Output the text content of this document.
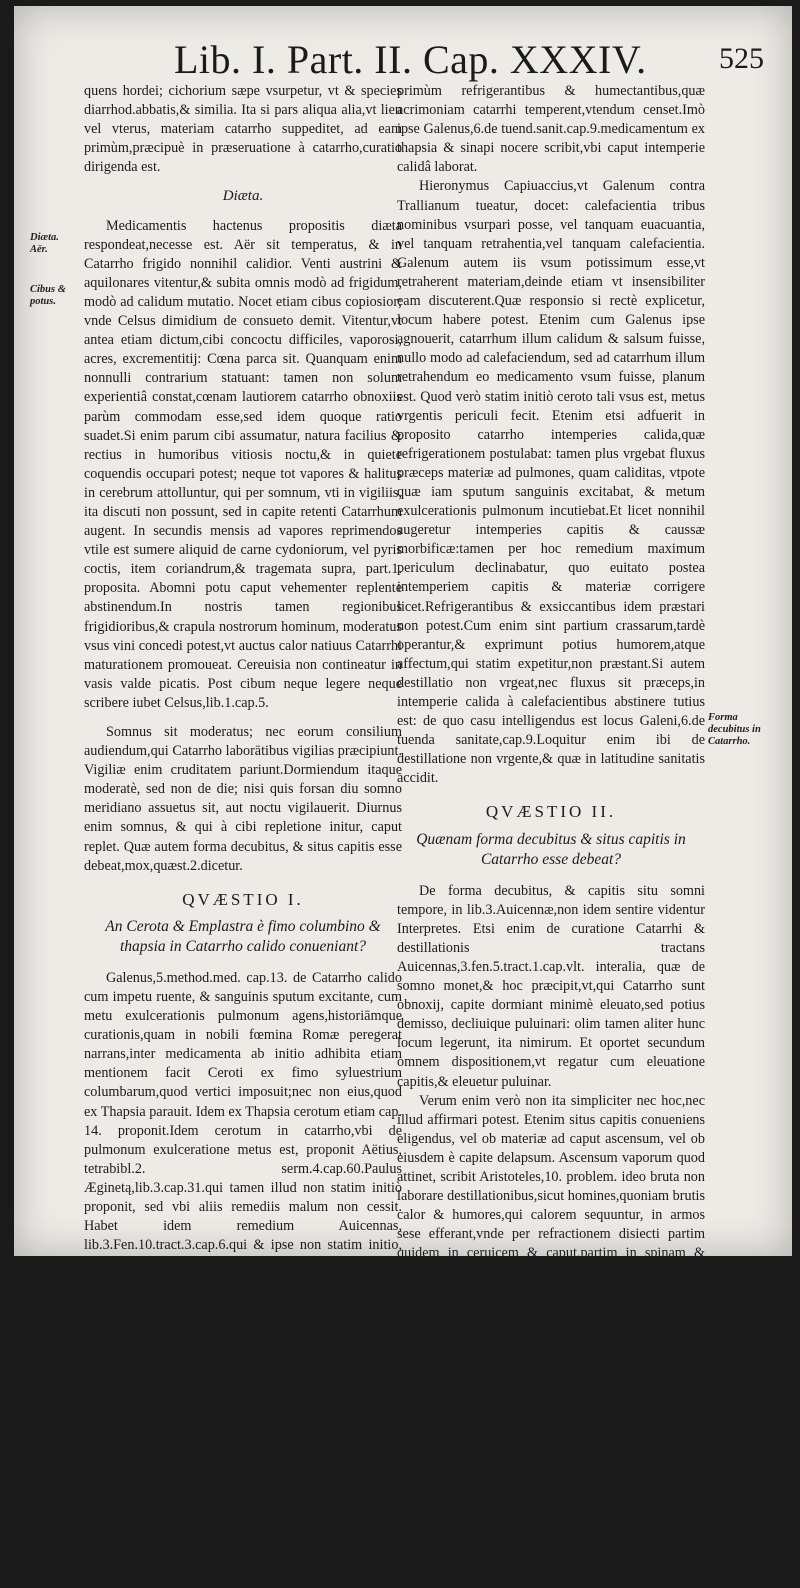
Lib. I. Part. II. Cap. XXXIV. 525
Diæta. Aër.
Cibus & potus.
Forma decubitus in Catarrho.

quens hordei; cichorium sæpe vsurpetur, vt & species diarrhod.abbatis,& similia. Ita si pars aliqua alia,vt lien vel vterus, materiam catarrho suppeditet, ad eam primùm,præcipuè in præseruatione à catarrho,curatio dirigenda est.

Diæta.

Medicamentis hactenus propositis diæta respondeat,necesse est. Aër sit temperatus, & in Catarrho frigido nonnihil calidior. Venti austrini & aquilonares vitentur,& subita omnis modò ad frigidum, modò ad calidum mutatio. Nocet etiam cibus copiosior; vnde Celsus dimidium de consueto demit. Vitentur,vt antea etiam dictum,cibi concoctu difficiles, vaporosi, acres, excrementitij: Cœna parca sit. Quanquam enim nonnulli contrarium statuant: tamen non solum experientiâ constat,cœnam lautiorem catarrho obnoxiis parùm commodam esse,sed idem quoque ratio suadet.Si enim parum cibi assumatur, natura facilius & rectius in humoribus vitiosis noctu,& in quiete coquendis occupari potest; neque tot vapores & halitus in cerebrum attolluntur, qui per somnum, vti in vigiliis, ita discuti non possunt, sed in capite retenti Catarrhum augent. In secundis mensis ad vapores reprimendos vtile est sumere aliquid de carne cydoniorum, vel pyris coctis, item coriandrum,& tragemata supra, part.1. proposita. Abomni potu caput vehementer replente abstinendum.In nostris tamen regionibus frigidioribus,& crapula nostrorum hominum, moderatus vsus vini concedi potest,vt auctus calor natiuus Catarrhi maturationem promoueat. Cereuisia non contineatur in vasis valde picatis. Post cibum neque legere neque scribere iubet Celsus,lib.1.cap.5.

Somnus sit moderatus; nec eorum consilium audiendum,qui Catarrho laborātibus vigilias præcipiunt. Vigiliæ enim cruditatem pariunt.Dormiendum itaque moderatè, sed non de die; nisi quis forsan diu somno meridiano assuetus sit, aut noctu vigilauerit. Diurnus enim somnus, & qui à cibi repletione initur, caput replet. Quæ autem forma decubitus, & situs capitis esse debeat,mox,quæst.2.dicetur.

QVÆSTIO I.
An Cerota & Emplastra è fimo columbino & thapsia in Catarrho calido conueniant?

Galenus,5.method.med. cap.13. de Catarrho calido cum impetu ruente, & sanguinis sputum excitante, cum metu exulcerationis pulmonum agens,historiāmque curationis,quam in nobili fœmina Romæ peregerat narrans,inter medicamenta ab initio adhibita etiam mentionem facit Ceroti ex fimo syluestrium columbarum,quod vertici imposuit;nec non eius,quod ex Thapsia parauit. Idem ex Thapsia cerotum etiam cap. 14. proponit.Idem cerotum in catarrho,vbi de pulmonum exulceratione metus est, proponit Aëtius, tetrabibl.2. serm.4.cap.60.Paulus Æginetą,lib.3.cap.31.qui tamen illud non statim initiò proponit, sed vbi aliis remediis malum non cessit. Habet idem remedium Auicennas, lib.3.Fen.10.tract.3.cap.6.qui & ipse non statim initio, sed vbi alia remedia non prosunt,illud adhibet.Alexander Trallianus tamen,ex allegat.cap.13.l.5.method.med. Galeni,catarrhum illum calidum,salsum, & acrem fuisse, ac caput illius fœminæ intemperie calidâ laborasse colligens,reprehendit curationem propositam, eo nomine, quod nullo refrigerante & humectante medicamento vsus Galenus statim ab initio siccantia & calefacientia adhibuerit,quibus caput calidius redderetur, & catarrhi acrimonia adaugeretur. Ideòque ipse potius

primùm refrigerantibus & humectantibus,quæ acrimoniam catarrhi temperent,vtendum censet.Imò ipse Galenus,6.de tuend.sanit.cap.9.medicamentum ex thapsia & sinapi nocere scribit,vbi caput intemperie calidâ laborat.

Hieronymus Capiuaccius,vt Galenum contra Trallianum tueatur, docet: calefacientia tribus nominibus vsurpari posse, vel tanquam euacuantia, vel tanquam retrahentia,vel tanquam calefacientia. Galenum autem iis vsum potissimum esse,vt retraherent materiam,deinde etiam vt insensibiliter eam discuterent.Quæ responsio si rectè explicetur, locum habere potest. Etenim cum Galenus ipse agnouerit, catarrhum illum calidum & salsum fuisse, nullo modo ad calefaciendum, sed ad catarrhum illum retrahendum eo medicamento vsum fuisse, planum est. Quod verò statim initiò ceroto tali vsus est, metus vrgentis periculi fecit. Etenim etsi adfuerit in proposito catarrho intemperies calida,quæ refrigerationem postulabat: tamen plus vrgebat fluxus præceps materiæ ad pulmones, quam caliditas, vtpote quæ iam sputum sanguinis excitabat, & metum exulcerationis pulmonum incutiebat.Et licet nonnihil augeretur intemperies capitis & caussæ morbificæ:tamen per hoc remedium maximum periculum declinabatur, quo euitato postea intemperiem capitis & materiæ corrigere licet.Refrigerantibus & exsiccantibus idem præstari non potest.Cum enim sint partium crassarum,tardè operantur,& exprimunt potius humorem,atque affectum,qui statim expetitur,non præstant.Si autem destillatio non vrgeat,nec fluxus sit præceps,in intemperie calida à calefacientibus abstinere tutius est: de quo casu intelligendus est locus Galeni,6.de tuenda sanitate,cap.9.Loquitur enim ibi de destillatione non vrgente,& quæ in latitudine sanitatis accidit.

QVÆSTIO II.
Quænam forma decubitus & situs capitis in Catarrho esse debeat?

De forma decubitus, & capitis situ somni tempore, in lib.3.Auicennæ,non idem sentire videntur Interpretes. Etsi enim de curatione Catarrhi & destillationis tractans Auicennas,3.fen.5.tract.1.cap.vlt. interalia, quæ de somno monet,& hoc præcipit,vt,qui Catarrho sunt obnoxij, capite dormiant minimè eleuato,sed potius demisso, decliuique puluinari: olim tamen aliter hunc locum legerunt, ita nimirum. Et oportet secundum omnem dispositionem,vt regatur cum eleuatione capitis,& eleuetur puluinar.

Verum enim verò non ita simpliciter nec hoc,nec illud affirmari potest. Etenim situs capitis conueniens eligendus, vel ob materiæ ad caput ascensum, vel ob eiusdem è capite delapsum. Ascensum vaporum quod attinet, scribit Aristoteles,10. problem. ideo bruta non laborare destillationibus,sicut homines,quoniam brutis calor & humores,qui calorem sequuntur, in armos sese efferant,vnde per refractionem disiecti partim quidem in ceruicem & caput,partim in spinam & lumbos, & ita non in vnam partem ferantur;cum in homine,qui figuram erectam habet, calor non dispertitus non partim ad anteriora, partim ad posteriora, sed totus ad caput eleuetur, quem humores sequuntur. Hanc Aristotelis rationem etiam in Catarrhis locum habere putat Hieronymus Mercurialis,cap.15.lib.2.variar.lect.& in figura ac situ capitis recto & eleuato plus vaporis & humoris ad caput ferri putat, quàm in situ decliui. Verùm non satis firma est hæc ratio, & cum solùm locum haberet,si vapores & humores liberè,instar vaporum in aëre, aut fumorum in furno vel fornace, & non vasis maximam partem conclusi,ad caput ferrentur: sed cùm per vasa præcipuè adscendant,ratio hæc locum hîc non habet; & cum in brutis, tum in homine ex hepate ac

corde
